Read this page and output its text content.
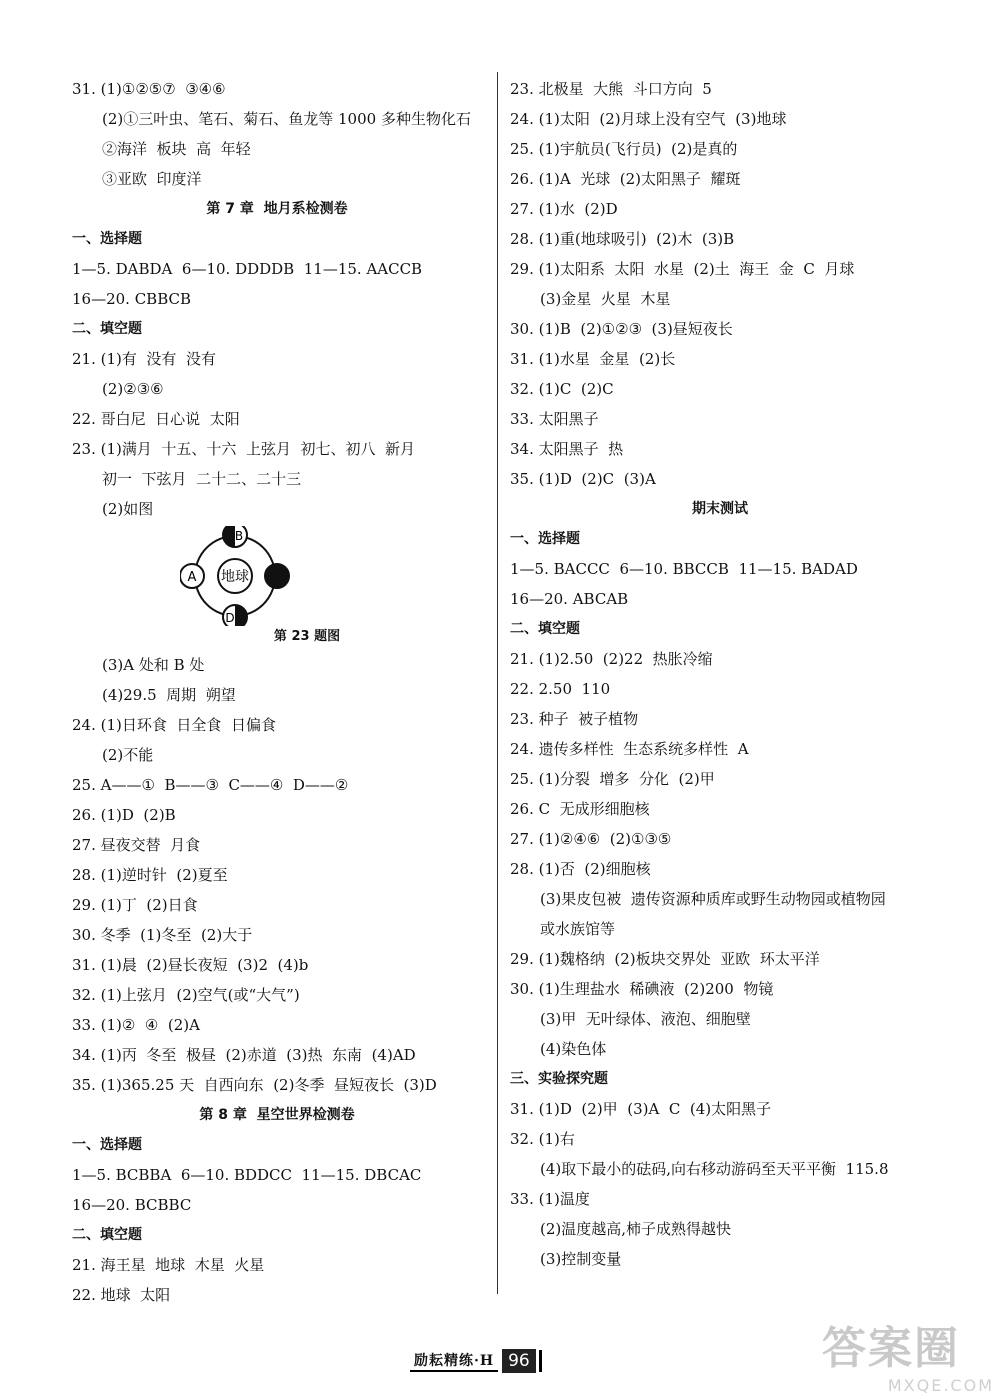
31. (1)①②⑤⑦  ③④⑥
(2)①三叶虫、笔石、菊石、鱼龙等 1000 多种生物化石
②海洋  板块  高  年轻
③亚欧  印度洋
第 7 章  地月系检测卷
一、选择题
1—5. DABDA  6—10. DDDDB  11—15. AACCB
16—20. CBBCB
二、填空题
21. (1)有  没有  没有
(2)②③⑥
22. 哥白尼  日心说  太阳
23. (1)满月  十五、十六  上弦月  初七、初八  新月
初一  下弦月  二十二、二十三
(2)如图
地球
A
B
D
第 23 题图
(3)A 处和 B 处
(4)29.5  周期  朔望
24. (1)日环食  日全食  日偏食
(2)不能
25. A——①  B——③  C——④  D——②
26. (1)D  (2)B
27. 昼夜交替  月食
28. (1)逆时针  (2)夏至
29. (1)丁  (2)日食
30. 冬季  (1)冬至  (2)大于
31. (1)晨  (2)昼长夜短  (3)2  (4)b
32. (1)上弦月  (2)空气(或“大气”)
33. (1)②  ④  (2)A
34. (1)丙  冬至  极昼  (2)赤道  (3)热  东南  (4)AD
35. (1)365.25 天  自西向东  (2)冬季  昼短夜长  (3)D
第 8 章  星空世界检测卷
一、选择题
1—5. BCBBA  6—10. BDDCC  11—15. DBCAC
16—20. BCBBC
二、填空题
21. 海王星  地球  木星  火星
22. 地球  太阳
23. 北极星  大熊  斗口方向  5
24. (1)太阳  (2)月球上没有空气  (3)地球
25. (1)宇航员(飞行员)  (2)是真的
26. (1)A  光球  (2)太阳黑子  耀斑
27. (1)水  (2)D
28. (1)重(地球吸引)  (2)木  (3)B
29. (1)太阳系  太阳  水星  (2)土  海王  金  C  月球
(3)金星  火星  木星
30. (1)B  (2)①②③  (3)昼短夜长
31. (1)水星  金星  (2)长
32. (1)C  (2)C
33. 太阳黑子
34. 太阳黑子  热
35. (1)D  (2)C  (3)A
期末测试
一、选择题
1—5. BACCC  6—10. BBCCB  11—15. BADAD
16—20. ABCAB
二、填空题
21. (1)2.50  (2)22  热胀冷缩
22. 2.50  110
23. 种子  被子植物
24. 遗传多样性  生态系统多样性  A
25. (1)分裂  增多  分化  (2)甲
26. C  无成形细胞核
27. (1)②④⑥  (2)①③⑤
28. (1)否  (2)细胞核
(3)果皮包被  遗传资源种质库或野生动物园或植物园
或水族馆等
29. (1)魏格纳  (2)板块交界处  亚欧  环太平洋
30. (1)生理盐水  稀碘液  (2)200  物镜
(3)甲  无叶绿体、液泡、细胞壁
(4)染色体
三、实验探究题
31. (1)D  (2)甲  (3)A  C  (4)太阳黑子
32. (1)右
(4)取下最小的砝码,向右移动游码至天平平衡  115.8
33. (1)温度
(2)温度越高,柿子成熟得越快
(3)控制变量
励耘精练·H 96	答案圈
MXQE.COM
